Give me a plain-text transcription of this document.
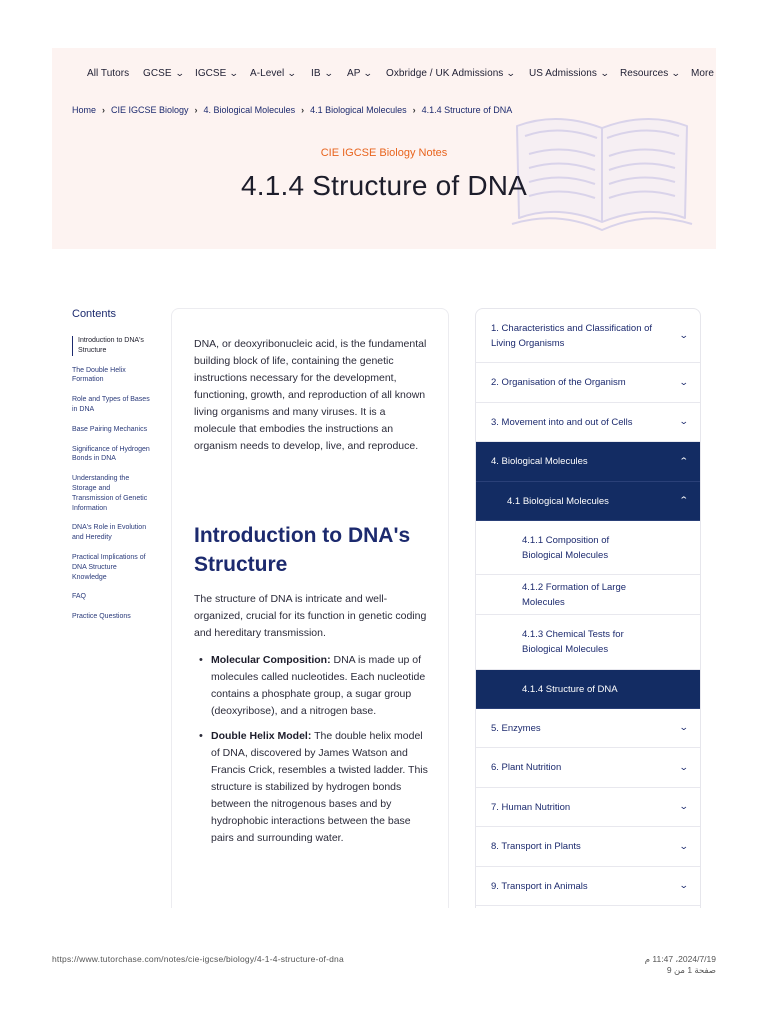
All Tutors GCSE ⌄ IGCSE ⌄ A-Level ⌄ IB ⌄ AP ⌄ Oxbridge / UK Admissions ⌄ US Admissions ⌄ Resources ⌄ More
Home › CIE IGCSE Biology › 4. Biological Molecules › 4.1 Biological Molecules › 4.1.4 Structure of DNA
CIE IGCSE Biology Notes
4.1.4 Structure of DNA
Contents
Introduction to DNA's Structure
The Double Helix Formation
Role and Types of Bases in DNA
Base Pairing Mechanics
Significance of Hydrogen Bonds in DNA
Understanding the Storage and Transmission of Genetic Information
DNA's Role in Evolution and Heredity
Practical Implications of DNA Structure Knowledge
FAQ
Practice Questions

DNA, or deoxyribonucleic acid, is the fundamental building block of life, containing the genetic instructions necessary for the development, functioning, growth, and reproduction of all known living organisms and many viruses. It is a molecule that embodies the instructions an organism needs to develop, live, and reproduce.

Introduction to DNA's Structure

The structure of DNA is intricate and well-organized, crucial for its function in genetic coding and hereditary transmission.

• Molecular Composition: DNA is made up of molecules called nucleotides. Each nucleotide contains a phosphate group, a sugar group (deoxyribose), and a nitrogen base.
• Double Helix Model: The double helix model of DNA, discovered by James Watson and Francis Crick, resembles a twisted ladder. This structure is stabilized by hydrogen bonds between the nitrogenous bases and by hydrophobic interactions between the base pairs and surrounding water.
1. Characteristics and Classification of Living Organisms
⌄
2. Organisation of the Organism	⌄
3. Movement into and out of Cells	⌄
4. Biological Molecules	⌃
4.1 Biological Molecules	⌃
4.1.1 Composition of Biological Molecules
4.1.2 Formation of Large Molecules
4.1.3 Chemical Tests for Biological Molecules
4.1.4 Structure of DNA
5. Enzymes	⌄
6. Plant Nutrition	⌄
7. Human Nutrition	⌄
8. Transport in Plants	⌄
9. Transport in Animals	⌄
https://www.tutorchase.com/notes/cie-igcse/biology/4-1-4-structure-of-dna	2024/7/19، 11:47 م
صفحة 1 من 9
